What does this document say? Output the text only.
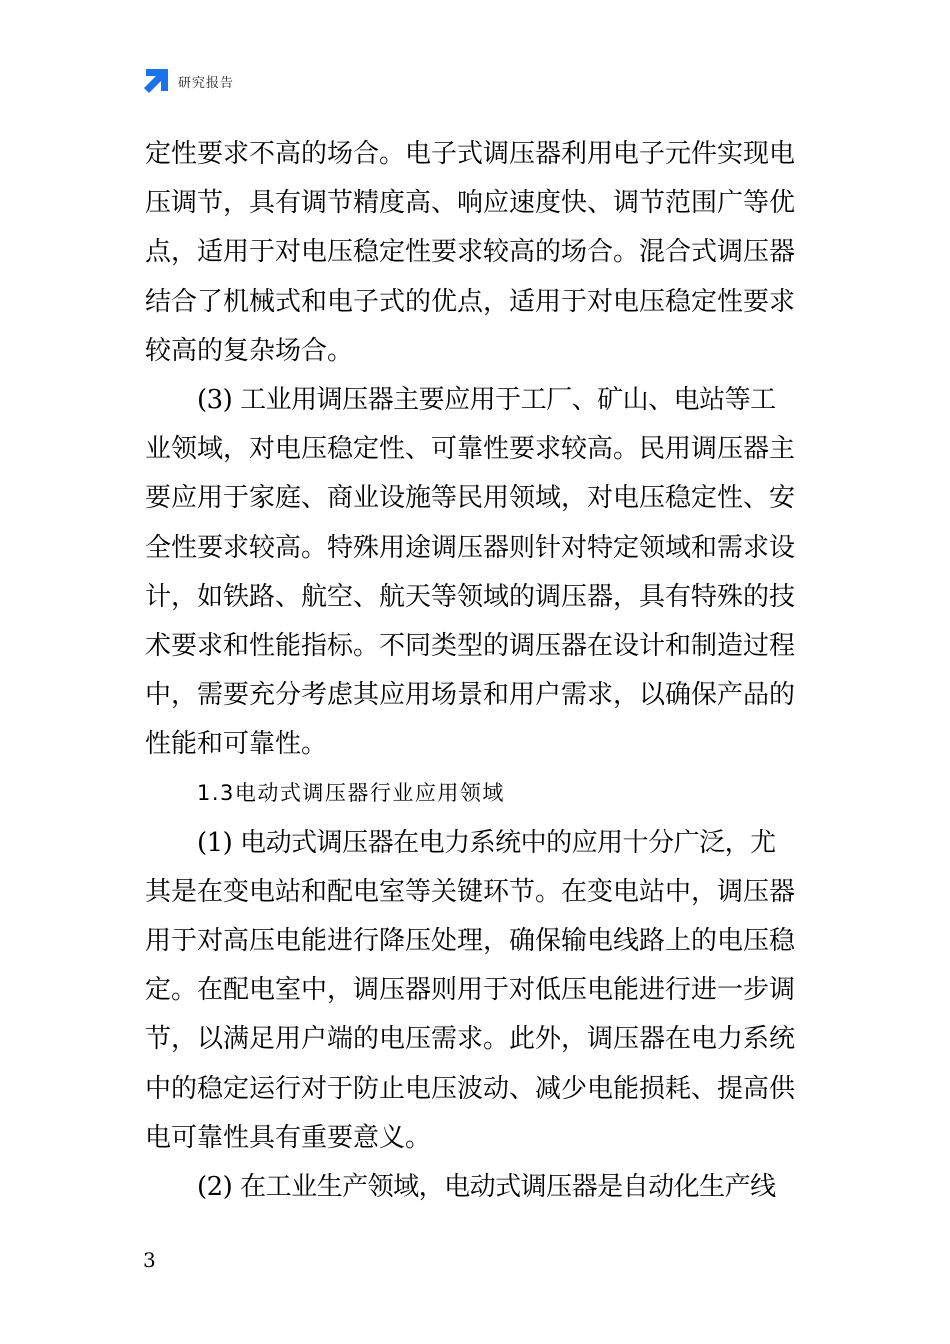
研究报告
定性要求不高的场合。电子式调压器利用电子元件实现电
压调节，具有调节精度高、响应速度快、调节范围广等优
点，适用于对电压稳定性要求较高的场合。混合式调压器
结合了机械式和电子式的优点，适用于对电压稳定性要求
较高的复杂场合。
(3) 工业用调压器主要应用于工厂、矿山、电站等工
业领域，对电压稳定性、可靠性要求较高。民用调压器主
要应用于家庭、商业设施等民用领域，对电压稳定性、安
全性要求较高。特殊用途调压器则针对特定领域和需求设
计，如铁路、航空、航天等领域的调压器，具有特殊的技
术要求和性能指标。不同类型的调压器在设计和制造过程
中，需要充分考虑其应用场景和用户需求，以确保产品的
性能和可靠性。
1.3电动式调压器行业应用领域
(1) 电动式调压器在电力系统中的应用十分广泛，尤
其是在变电站和配电室等关键环节。在变电站中，调压器
用于对高压电能进行降压处理，确保输电线路上的电压稳
定。在配电室中，调压器则用于对低压电能进行进一步调
节，以满足用户端的电压需求。此外，调压器在电力系统
中的稳定运行对于防止电压波动、减少电能损耗、提高供
电可靠性具有重要意义。
(2) 在工业生产领域，电动式调压器是自动化生产线
3
